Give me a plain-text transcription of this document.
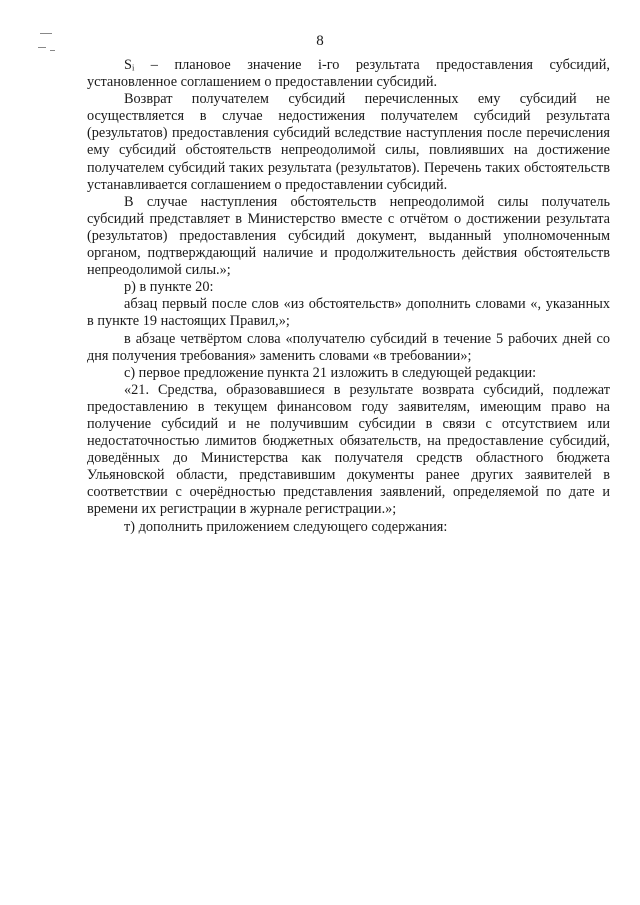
8

Sᵢ – плановое значение i-го результата предоставления субсидий, установленное соглашением о предоставлении субсидий.

Возврат получателем субсидий перечисленных ему субсидий не осуществляется в случае недостижения получателем субсидий результата (результатов) предоставления субсидий вследствие наступления после перечисления ему субсидий обстоятельств непреодолимой силы, повлиявших на достижение получателем субсидий таких результата (результатов). Перечень таких обстоятельств устанавливается соглашением о предоставлении субсидий.

В случае наступления обстоятельств непреодолимой силы получатель субсидий представляет в Министерство вместе с отчётом о достижении результата (результатов) предоставления субсидий документ, выданный уполномоченным органом, подтверждающий наличие и продолжительность действия обстоятельств непреодолимой силы.»;

р) в пункте 20:

абзац первый после слов «из обстоятельств» дополнить словами «, указанных в пункте 19 настоящих Правил,»;

в абзаце четвёртом слова «получателю субсидий в течение 5 рабочих дней со дня получения требования» заменить словами «в требовании»;

с) первое предложение пункта 21 изложить в следующей редакции:

«21. Средства, образовавшиеся в результате возврата субсидий, подлежат предоставлению в текущем финансовом году заявителям, имеющим право на получение субсидий и не получившим субсидии в связи с отсутствием или недостаточностью лимитов бюджетных обязательств, на предоставление субсидий, доведённых до Министерства как получателя средств областного бюджета Ульяновской области, представившим документы ранее других заявителей в соответствии с очерёдностью представления заявлений, определяемой по дате и времени их регистрации в журнале регистрации.»;

т) дополнить приложением следующего содержания:
